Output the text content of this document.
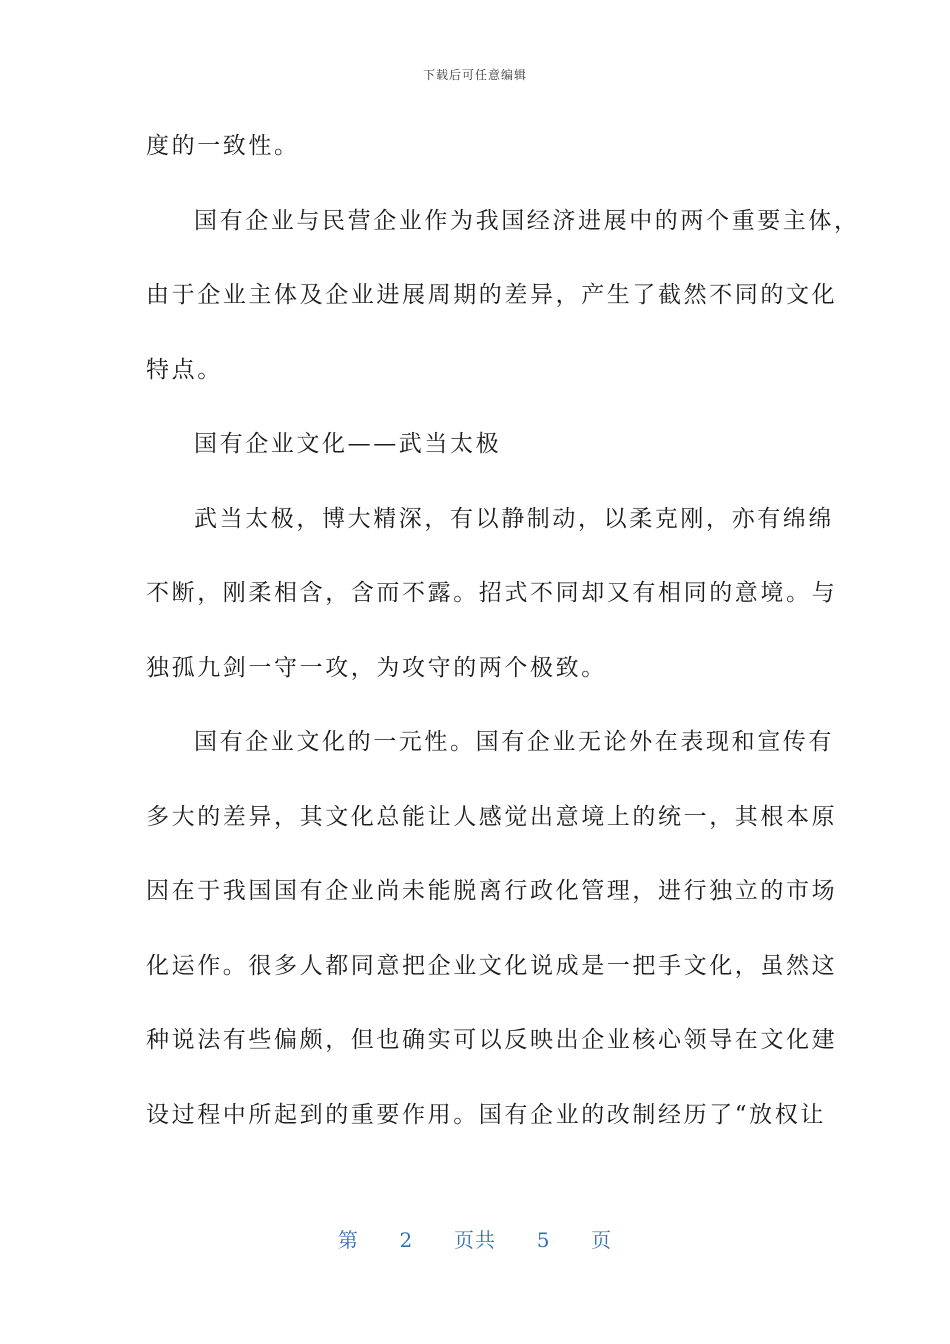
下载后可任意编辑
度的一致性。
国有企业与民营企业作为我国经济进展中的两个重要主体，
由于企业主体及企业进展周期的差异，产生了截然不同的文化
特点。
国有企业文化——武当太极
武当太极，博大精深，有以静制动，以柔克刚，亦有绵绵
不断，刚柔相含，含而不露。招式不同却又有相同的意境。与
独孤九剑一守一攻，为攻守的两个极致。
国有企业文化的一元性。国有企业无论外在表现和宣传有
多大的差异，其文化总能让人感觉出意境上的统一，其根本原
因在于我国国有企业尚未能脱离行政化管理，进行独立的市场
化运作。很多人都同意把企业文化说成是一把手文化，虽然这
种说法有些偏颇，但也确实可以反映出企业核心领导在文化建
设过程中所起到的重要作用。国有企业的改制经历了“放权让
第 2 页共 5 页
